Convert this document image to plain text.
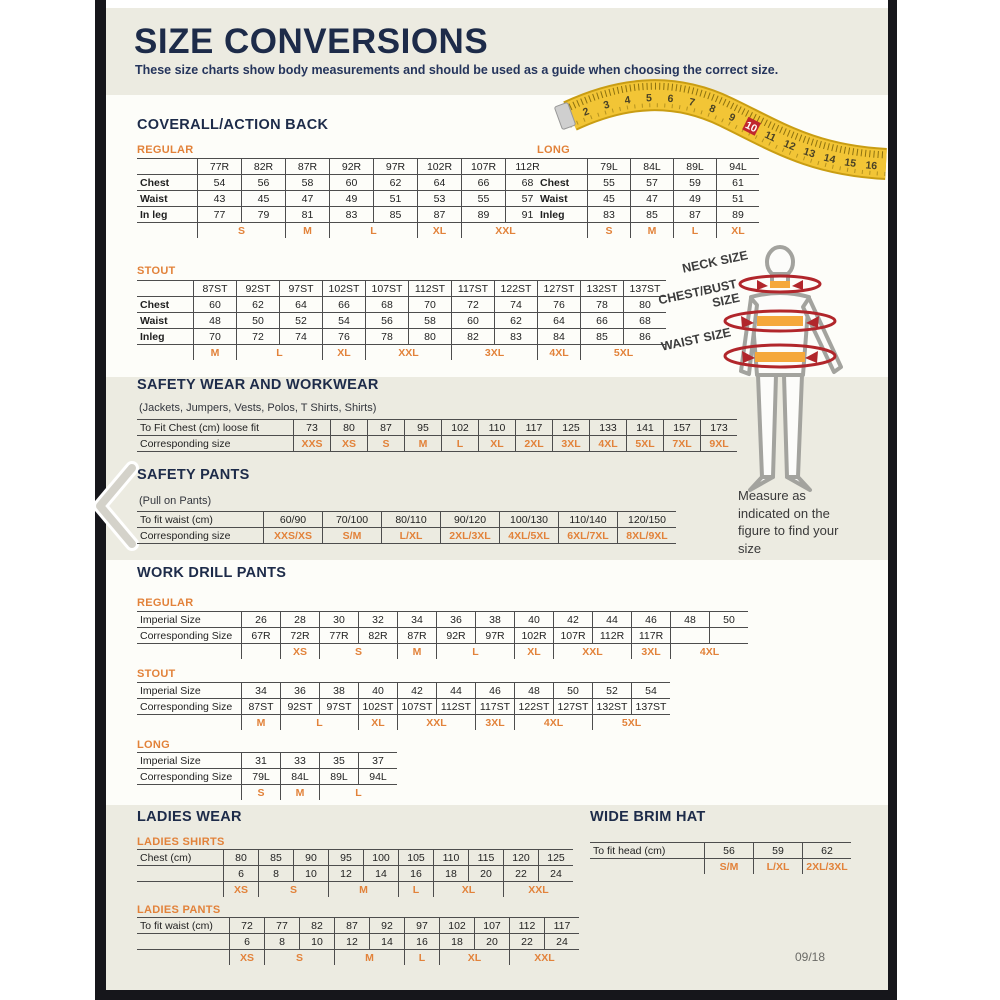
SIZE CONVERSIONS
These size charts show body measurements and should be used as a guide when choosing the correct size.
2
3 4 5 6 7 8
9
10
11
12 13 14 15 16
COVERALL/ACTION BACK
REGULAR
	77R	82R	87R	92R	97R	102R	107R	112R
Chest	54	56	58	60	62	64	66	68
Waist	43	45	47	49	51	53	55	57
In leg	77	79	81	83	85	87	89	91
	S		M	L		XL	XXL	
LONG
	79L	84L	89L	94L
Chest	55	57	59	61
Waist	45	47	49	51
Inleg	83	85	87	89
	S	M	L	XL
STOUT
	87ST	92ST	97ST	102ST	107ST	112ST	117ST	122ST	127ST	132ST	137ST
Chest	60	62	64	66	68	70	72	74	76	78	80
Waist	48	50	52	54	56	58	60	62	64	66	68
Inleg	70	72	74	76	78	80	82	83	84	85	86
	M	L		XL	XXL		3XL		4XL	5XL	
NECK SIZE
CHEST/BUST SIZE
WAIST SIZE
Measure as indicated on the figure to find your size
SAFETY WEAR AND WORKWEAR
(Jackets, Jumpers, Vests, Polos, T Shirts, Shirts)
To Fit Chest (cm) loose fit	73	80	87	95	102	110	117	125	133	141	157	173
Corresponding size	XXS	XS	S	M	L	XL	2XL	3XL	4XL	5XL	7XL	9XL
SAFETY PANTS
(Pull on Pants)
To fit waist (cm)	60/90	70/100	80/110	90/120	100/130	110/140	120/150
Corresponding size	XXS/XS	S/M	L/XL	2XL/3XL	4XL/5XL	6XL/7XL	8XL/9XL
WORK DRILL PANTS
REGULAR
Imperial Size	26	28	30	32	34	36	38	40	42	44	46	48	50
Corresponding Size	67R	72R	77R	82R	87R	92R	97R	102R	107R	112R	117R		
		XS	S		M	L		XL	XXL		3XL	4XL	
STOUT
Imperial Size	34	36	38	40	42	44	46	48	50	52	54
Corresponding Size	87ST	92ST	97ST	102ST	107ST	112ST	117ST	122ST	127ST	132ST	137ST
	M	L		XL	XXL		3XL	4XL		5XL	
LONG
Imperial Size	31	33	35	37
Corresponding Size	79L	84L	89L	94L
	S	M	L	
LADIES WEAR
LADIES SHIRTS
Chest (cm)	80	85	90	95	100	105	110	115	120	125
	6	8	10	12	14	16	18	20	22	24
	XS	S		M		L	XL		XXL	
LADIES PANTS
To fit waist (cm)	72	77	82	87	92	97	102	107	112	117
	6	8	10	12	14	16	18	20	22	24
	XS	S		M		L	XL		XXL	
WIDE BRIM HAT
To fit head (cm)	56	59	62
	S/M	L/XL	2XL/3XL
09/18
